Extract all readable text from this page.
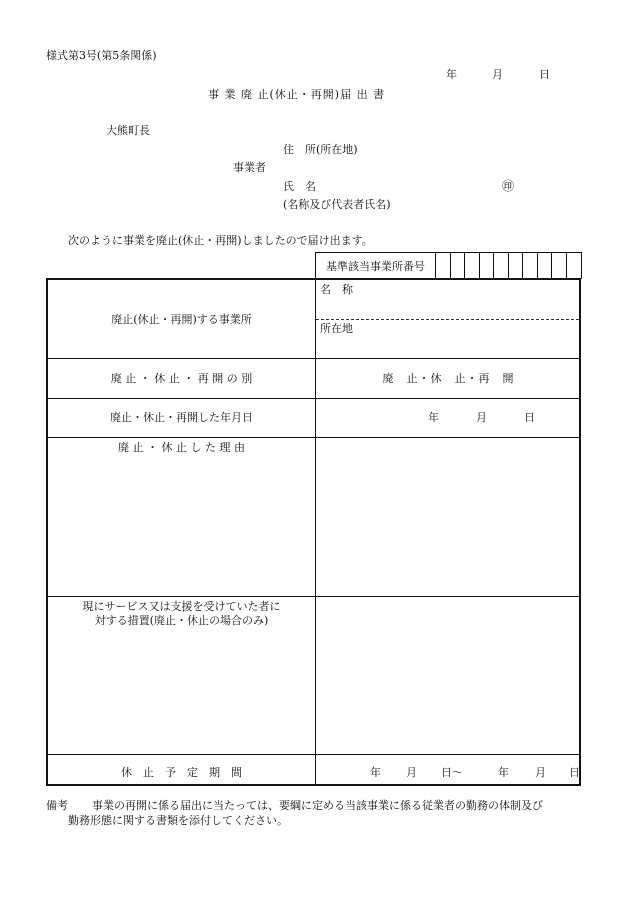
様式第3号(第5条関係)
年	月	日
事 業 廃 止(休止・再開)届 出 書
大熊町長
住　所(所在地)
事業者
氏　名	㊞
(名称及び代表者氏名)
次のように事業を廃止(休止・再開)しましたので届け出ます。
基準該当事業所番号
廃止(休止・再開)する事業所
名　称
所在地
廃 止 ・ 休 止 ・ 再 開 の 別	廃　止・休　止・再　開
廃止・休止・再開した年月日	年	月	日
廃 止 ・ 休 止 し た 理 由
現にサービス又は支援を受けていた者に
対する措置(廃止・休止の場合のみ)
休　止　予　定　期　間	年 月 日〜	年 月 日
備考 事業の再開に係る届出に当たっては、要綱に定める当該事業に係る従業者の勤務の体制及び
勤務形態に関する書類を添付してください。
